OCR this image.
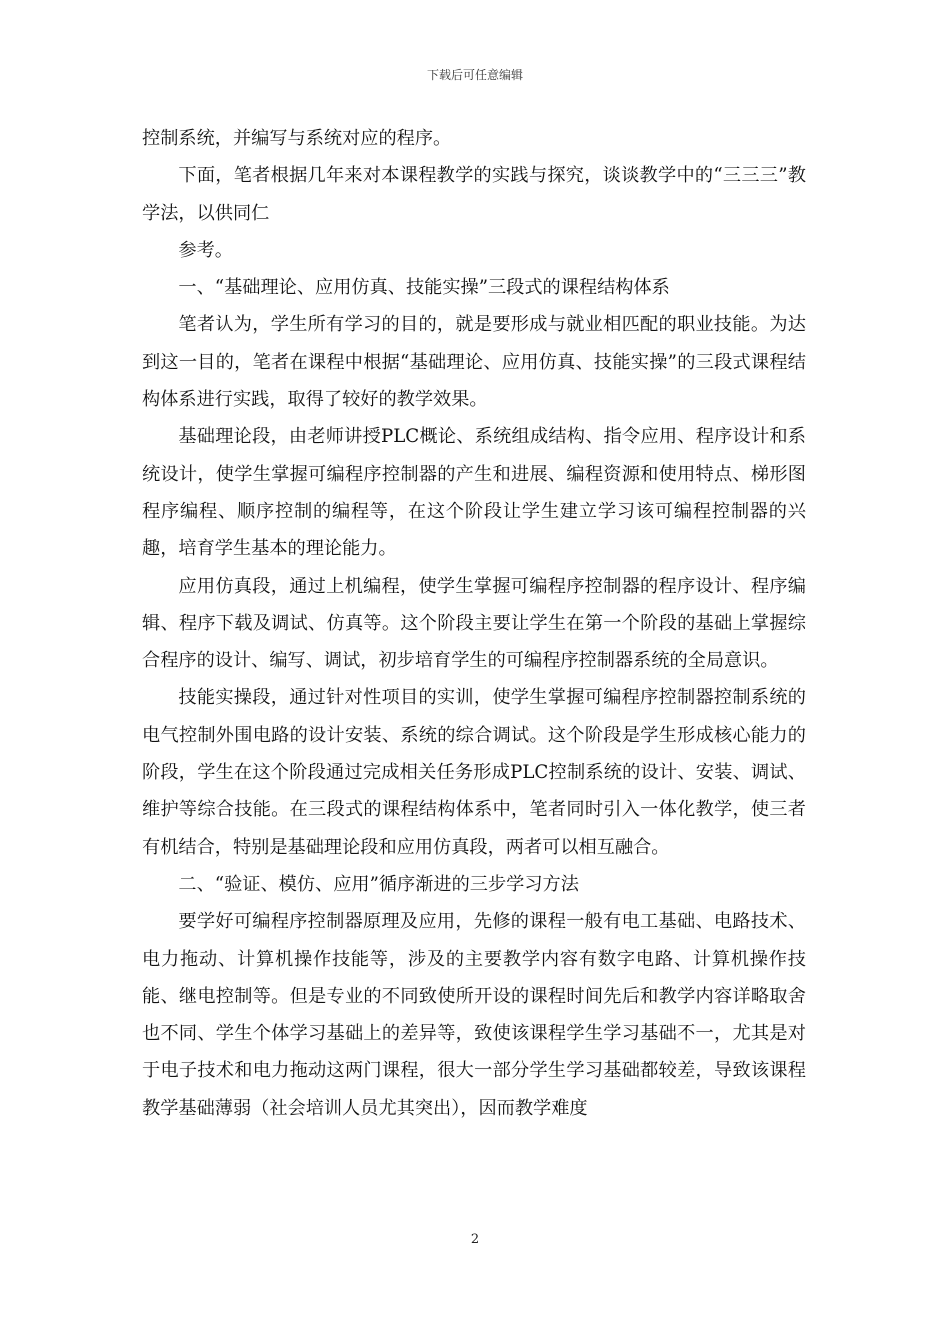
下载后可任意编辑

控制系统，并编写与系统对应的程序。

下面，笔者根据几年来对本课程教学的实践与探究，谈谈教学中的“三三三”教学法，以供同仁

参考。

一、“基础理论、应用仿真、技能实操”三段式的课程结构体系

笔者认为，学生所有学习的目的，就是要形成与就业相匹配的职业技能。为达到这一目的，笔者在课程中根据“基础理论、应用仿真、技能实操”的三段式课程结构体系进行实践，取得了较好的教学效果。

基础理论段，由老师讲授PLC概论、系统组成结构、指令应用、程序设计和系统设计，使学生掌握可编程序控制器的产生和进展、编程资源和使用特点、梯形图程序编程、顺序控制的编程等，在这个阶段让学生建立学习该可编程控制器的兴趣，培育学生基本的理论能力。

应用仿真段，通过上机编程，使学生掌握可编程序控制器的程序设计、程序编辑、程序下载及调试、仿真等。这个阶段主要让学生在第一个阶段的基础上掌握综合程序的设计、编写、调试，初步培育学生的可编程序控制器系统的全局意识。

技能实操段，通过针对性项目的实训，使学生掌握可编程序控制器控制系统的电气控制外围电路的设计安装、系统的综合调试。这个阶段是学生形成核心能力的阶段，学生在这个阶段通过完成相关任务形成PLC控制系统的设计、安装、调试、维护等综合技能。在三段式的课程结构体系中，笔者同时引入一体化教学，使三者有机结合，特别是基础理论段和应用仿真段，两者可以相互融合。

二、“验证、模仿、应用”循序渐进的三步学习方法

要学好可编程序控制器原理及应用，先修的课程一般有电工基础、电路技术、电力拖动、计算机操作技能等，涉及的主要教学内容有数字电路、计算机操作技能、继电控制等。但是专业的不同致使所开设的课程时间先后和教学内容详略取舍也不同、学生个体学习基础上的差异等，致使该课程学生学习基础不一，尤其是对于电子技术和电力拖动这两门课程，很大一部分学生学习基础都较差，导致该课程教学基础薄弱（社会培训人员尤其突出），因而教学难度

2
